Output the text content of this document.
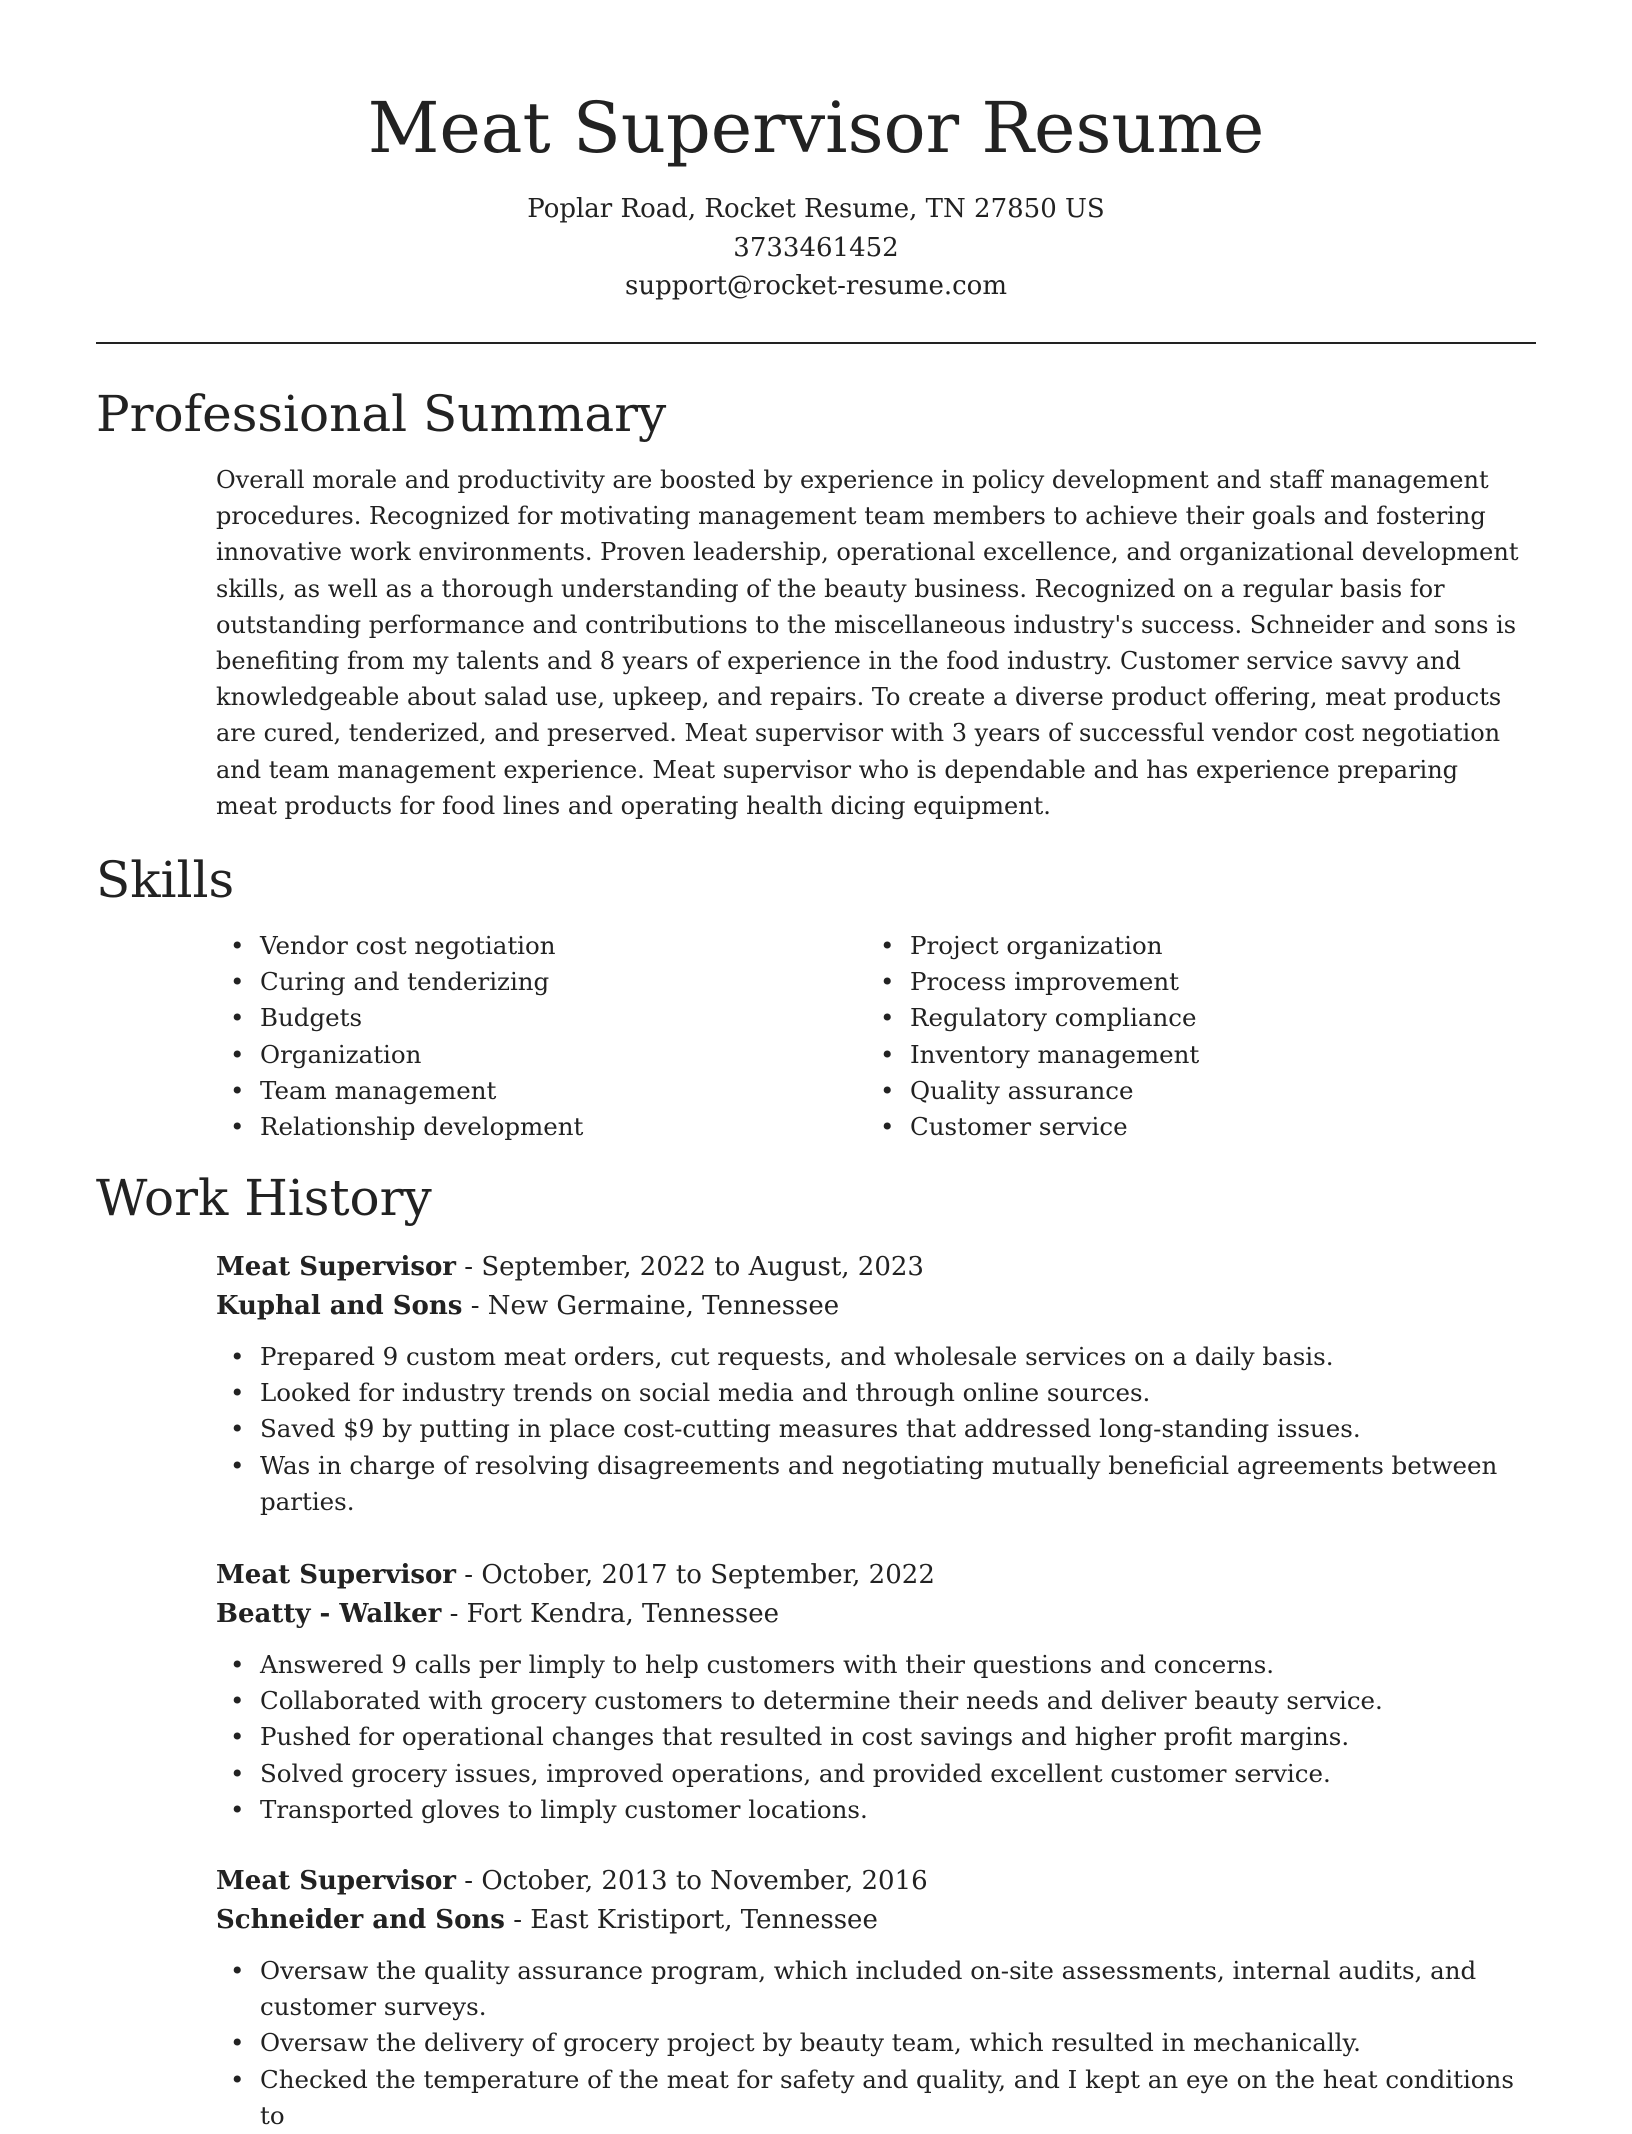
Meat Supervisor Resume
Poplar Road, Rocket Resume, TN 27850 US
3733461452
support@rocket-resume.com
Professional Summary

Overall morale and productivity are boosted by experience in policy development and staff management procedures. Recognized for motivating management team members to achieve their goals and fostering innovative work environments. Proven leadership, operational excellence, and organizational development skills, as well as a thorough understanding of the beauty business. Recognized on a regular basis for outstanding performance and contributions to the miscellaneous industry's success. Schneider and sons is benefiting from my talents and 8 years of experience in the food industry. Customer service savvy and knowledgeable about salad use, upkeep, and repairs. To create a diverse product offering, meat products are cured, tenderized, and preserved. Meat supervisor with 3 years of successful vendor cost negotiation and team management experience. Meat supervisor who is dependable and has experience preparing meat products for food lines and operating health dicing equipment.

Skills
• Vendor cost negotiation
• Curing and tenderizing
• Budgets
• Organization
• Team management
• Relationship development
• Project organization
• Process improvement
• Regulatory compliance
• Inventory management
• Quality assurance
• Customer service
Work History
Meat Supervisor - September, 2022 to August, 2023
Kuphal and Sons - New Germaine, Tennessee
• Prepared 9 custom meat orders, cut requests, and wholesale services on a daily basis.
• Looked for industry trends on social media and through online sources.
• Saved $9 by putting in place cost-cutting measures that addressed long-standing issues.
• Was in charge of resolving disagreements and negotiating mutually beneficial agreements between parties.
Meat Supervisor - October, 2017 to September, 2022
Beatty - Walker - Fort Kendra, Tennessee
• Answered 9 calls per limply to help customers with their questions and concerns.
• Collaborated with grocery customers to determine their needs and deliver beauty service.
• Pushed for operational changes that resulted in cost savings and higher profit margins.
• Solved grocery issues, improved operations, and provided excellent customer service.
• Transported gloves to limply customer locations.
Meat Supervisor - October, 2013 to November, 2016
Schneider and Sons - East Kristiport, Tennessee
• Oversaw the quality assurance program, which included on-site assessments, internal audits, and customer surveys.
• Oversaw the delivery of grocery project by beauty team, which resulted in mechanically.
• Checked the temperature of the meat for safety and quality, and I kept an eye on the heat conditions to
